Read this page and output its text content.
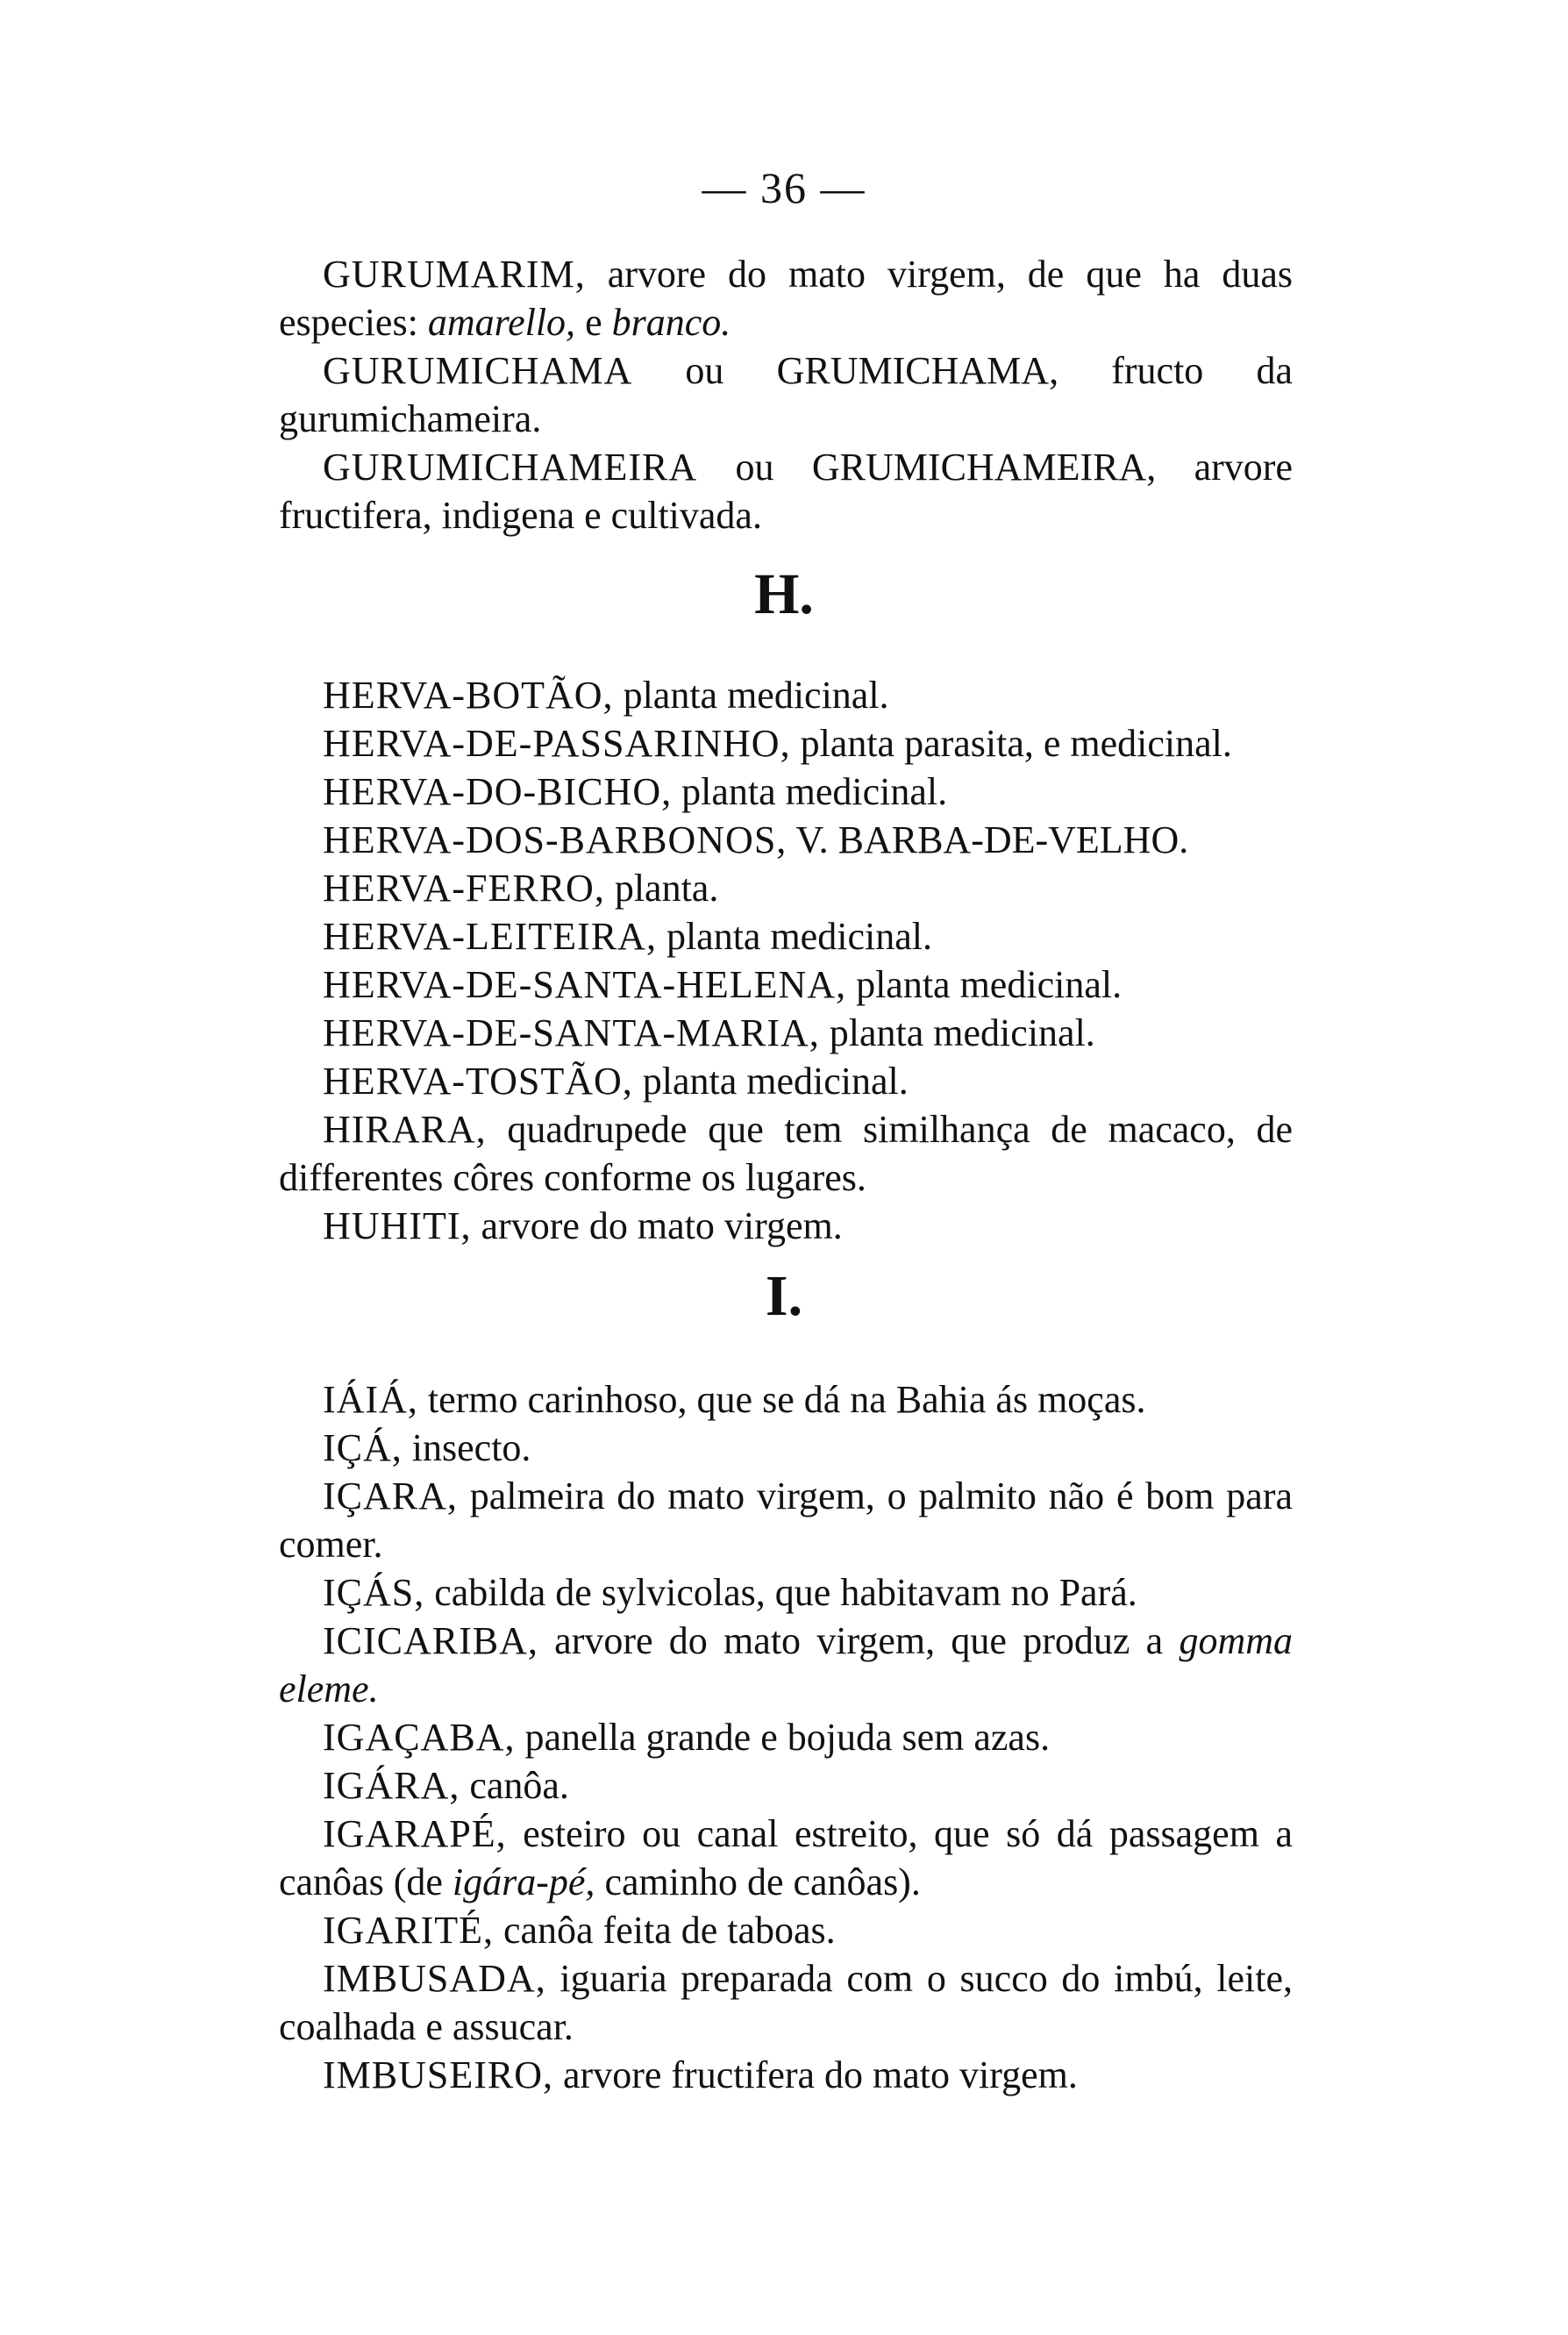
— 36 —

GURUMARIM, arvore do mato virgem, de que ha duas especies: amarello, e branco.

GURUMICHAMA ou GRUMICHAMA, fructo da gurumichameira.

GURUMICHAMEIRA ou GRUMICHAMEIRA, arvore fructifera, indigena e cultivada.

H.

HERVA-BOTÃO, planta medicinal.

HERVA-DE-PASSARINHO, planta parasita, e medicinal.

HERVA-DO-BICHO, planta medicinal.

HERVA-DOS-BARBONOS, V. BARBA-DE-VELHO.

HERVA-FERRO, planta.

HERVA-LEITEIRA, planta medicinal.

HERVA-DE-SANTA-HELENA, planta medicinal.

HERVA-DE-SANTA-MARIA, planta medicinal.

HERVA-TOSTÃO, planta medicinal.

HIRARA, quadrupede que tem similhança de macaco, de differentes côres conforme os lugares.

HUHITI, arvore do mato virgem.

I.

IÁIÁ, termo carinhoso, que se dá na Bahia ás moças.

IÇÁ, insecto.

IÇARA, palmeira do mato virgem, o palmito não é bom para comer.

IÇÁS, cabilda de sylvicolas, que habitavam no Pará.

ICICARIBA, arvore do mato virgem, que produz a gomma eleme.

IGAÇABA, panella grande e bojuda sem azas.

IGÁRA, canôa.

IGARAPÉ, esteiro ou canal estreito, que só dá passagem a canôas (de igára-pé, caminho de canôas).

IGARITÉ, canôa feita de taboas.

IMBUSADA, iguaria preparada com o succo do imbú, leite, coalhada e assucar.

IMBUSEIRO, arvore fructifera do mato virgem.
